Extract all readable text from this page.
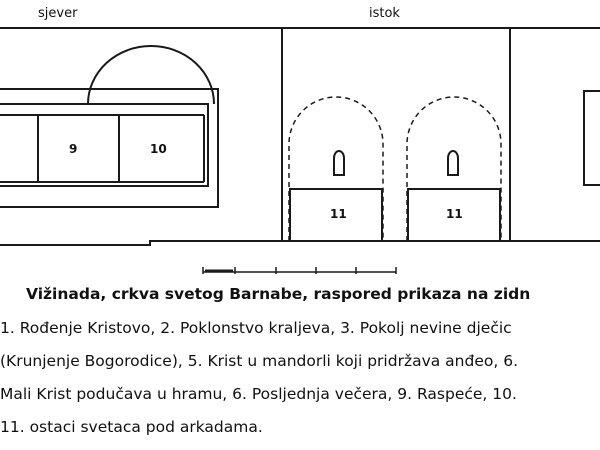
sjever	istok
9	10
11	11
Vižinada, crkva svetog Barnabe, raspored prikaza na zidn
1. Rođenje Kristovo, 2. Poklonstvo kraljeva, 3. Pokolj nevine dječic
(Krunjenje Bogorodice), 5. Krist u mandorli koji pridržava anđeo, 6.
Mali Krist podučava u hramu, 6. Posljednja večera, 9. Raspeće, 10.
11. ostaci svetaca pod arkadama.
